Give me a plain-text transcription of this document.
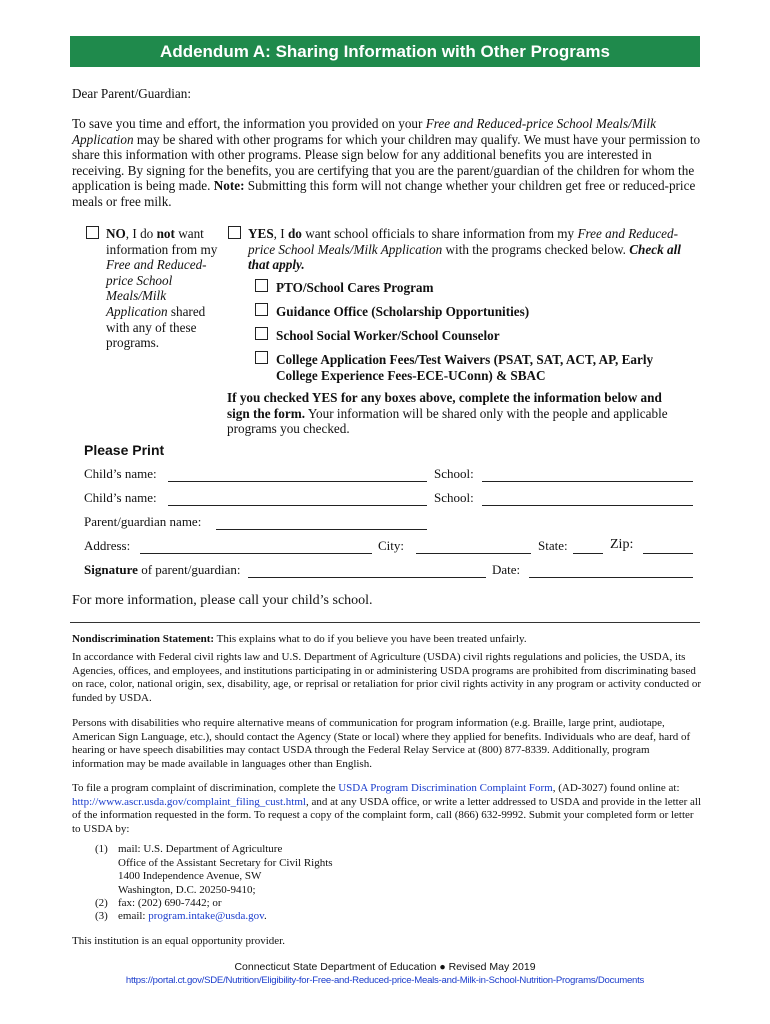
Addendum A: Sharing Information with Other Programs
Dear Parent/Guardian:
To save you time and effort, the information you provided on your Free and Reduced-price School Meals/Milk Application may be shared with other programs for which your children may qualify. We must have your permission to share this information with other programs. Please sign below for any additional benefits you are interested in receiving. By signing for the benefits, you are certifying that you are the parent/guardian of the children for whom the application is being made. Note: Submitting this form will not change whether your children get free or reduced-price meals or free milk.
NO, I do not want information from my Free and Reduced-price School Meals/Milk Application shared with any of these programs.
YES, I do want school officials to share information from my Free and Reduced-price School Meals/Milk Application with the programs checked below. Check all that apply.
PTO/School Cares Program
Guidance Office (Scholarship Opportunities)
School Social Worker/School Counselor
College Application Fees/Test Waivers (PSAT, SAT, ACT, AP, Early College Experience Fees-ECE-UConn) & SBAC
If you checked YES for any boxes above, complete the information below and sign the form. Your information will be shared only with the people and applicable programs you checked.
Please Print
Child’s name:	School:
Child’s name:	School:
Parent/guardian name:
Address:	City:	State:	Zip:
Signature of parent/guardian:	Date:
For more information, please call your child’s school.
Nondiscrimination Statement: This explains what to do if you believe you have been treated unfairly.
In accordance with Federal civil rights law and U.S. Department of Agriculture (USDA) civil rights regulations and policies, the USDA, its Agencies, offices, and employees, and institutions participating in or administering USDA programs are prohibited from discriminating based on race, color, national origin, sex, disability, age, or reprisal or retaliation for prior civil rights activity in any program or activity conducted or funded by USDA.
Persons with disabilities who require alternative means of communication for program information (e.g. Braille, large print, audiotape, American Sign Language, etc.), should contact the Agency (State or local) where they applied for benefits. Individuals who are deaf, hard of hearing or have speech disabilities may contact USDA through the Federal Relay Service at (800) 877-8339. Additionally, program information may be made available in languages other than English.
To file a program complaint of discrimination, complete the USDA Program Discrimination Complaint Form, (AD-3027) found online at: http://www.ascr.usda.gov/complaint_filing_cust.html, and at any USDA office, or write a letter addressed to USDA and provide in the letter all of the information requested in the form. To request a copy of the complaint form, call (866) 632-9992. Submit your completed form or letter to USDA by:
(1) mail: U.S. Department of Agriculture
Office of the Assistant Secretary for Civil Rights
1400 Independence Avenue, SW
Washington, D.C. 20250-9410;
(2) fax: (202) 690-7442; or
(3) email: program.intake@usda.gov.
This institution is an equal opportunity provider.
Connecticut State Department of Education ● Revised May 2019
https://portal.ct.gov/SDE/Nutrition/Eligibility-for-Free-and-Reduced-price-Meals-and-Milk-in-School-Nutrition-Programs/Documents
